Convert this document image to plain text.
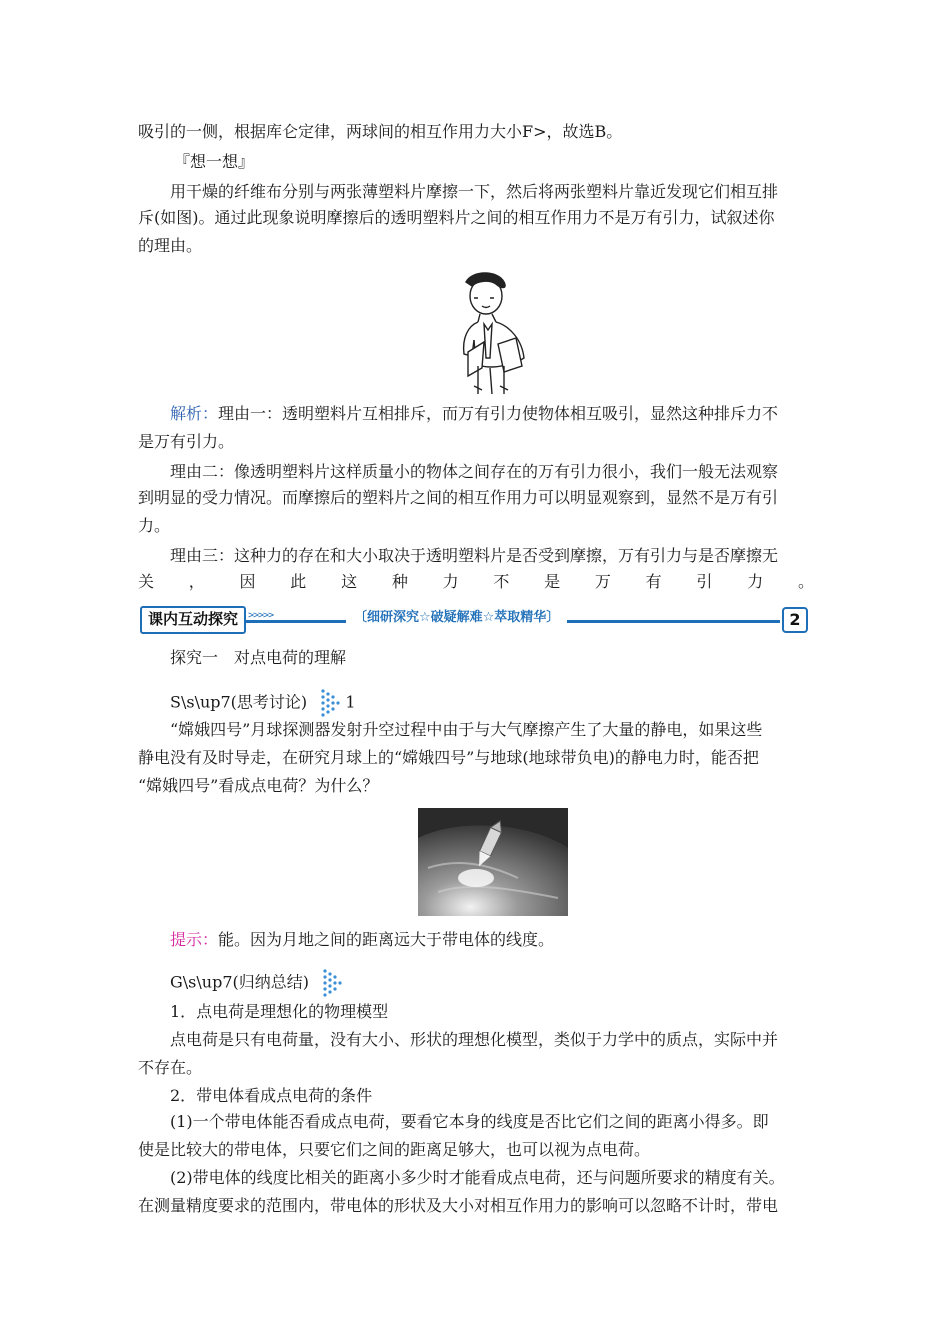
吸引的一侧，根据库仑定律，两球间的相互作用力大小F>，故选B。
『想一想』
用干燥的纤维布分别与两张薄塑料片摩擦一下，然后将两张塑料片靠近发现它们相互排
斥(如图)。通过此现象说明摩擦后的透明塑料片之间的相互作用力不是万有引力，试叙述你
的理由。
解析：理由一：透明塑料片互相排斥，而万有引力使物体相互吸引，显然这种排斥力不
是万有引力。
理由二：像透明塑料片这样质量小的物体之间存在的万有引力很小，我们一般无法观察
到明显的受力情况。而摩擦后的塑料片之间的相互作用力可以明显观察到，显然不是万有引
力。
理由三：这种力的存在和大小取决于透明塑料片是否受到摩擦，万有引力与是否摩擦无
关 ， 因 此 这 种 力 不 是 万 有 引 力 。
课内互动探究 >>>>>	〔细研深究☆破疑解难☆萃取精华〕	2
探究一　对点电荷的理解
S\s\up7(思考讨论) 1
“嫦娥四号”月球探测器发射升空过程中由于与大气摩擦产生了大量的静电，如果这些
静电没有及时导走，在研究月球上的“嫦娥四号”与地球(地球带负电)的静电力时，能否把
“嫦娥四号”看成点电荷？为什么？
提示：能。因为月地之间的距离远大于带电体的线度。
G\s\up7(归纳总结)
1．点电荷是理想化的物理模型
点电荷是只有电荷量，没有大小、形状的理想化模型，类似于力学中的质点，实际中并
不存在。
2．带电体看成点电荷的条件
(1)一个带电体能否看成点电荷，要看它本身的线度是否比它们之间的距离小得多。即
使是比较大的带电体，只要它们之间的距离足够大，也可以视为点电荷。
(2)带电体的线度比相关的距离小多少时才能看成点电荷，还与问题所要求的精度有关。
在测量精度要求的范围内，带电体的形状及大小对相互作用力的影响可以忽略不计时，带电
